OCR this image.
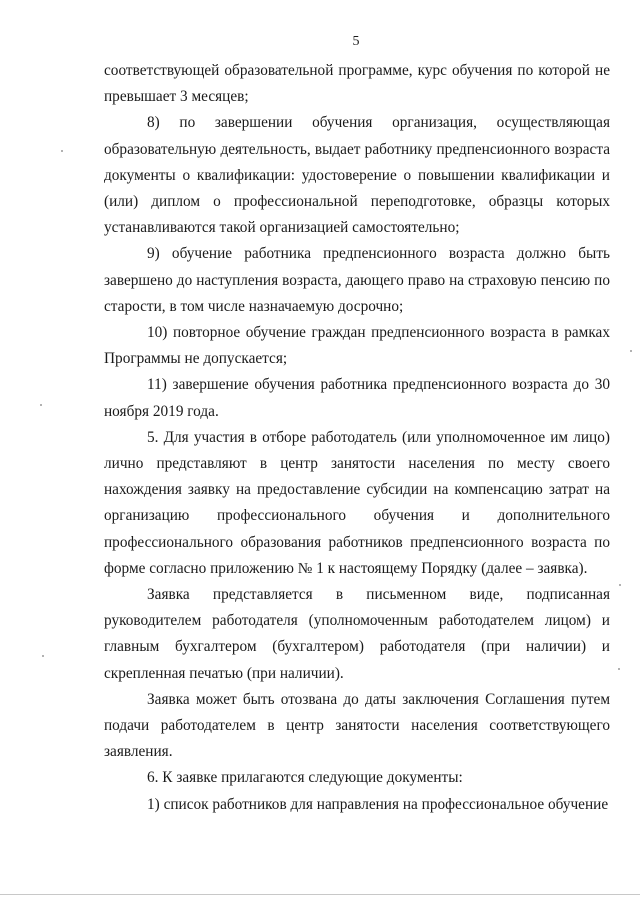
5

соответствующей образовательной программе, курс обучения по которой не превышает 3 месяцев;

8) по завершении обучения организация, осуществляющая образовательную деятельность, выдает работнику предпенсионного возраста документы о квалификации: удостоверение о повышении квалификации и (или) диплом о профессиональной переподготовке, образцы которых устанавливаются такой организацией самостоятельно;

9) обучение работника предпенсионного возраста должно быть завершено до наступления возраста, дающего право на страховую пенсию по старости, в том числе назначаемую досрочно;

10) повторное обучение граждан предпенсионного возраста в рамках Программы не допускается;

11) завершение обучения работника предпенсионного возраста до 30 ноября 2019 года.

5. Для участия в отборе работодатель (или уполномоченное им лицо) лично представляют в центр занятости населения по месту своего нахождения заявку на предоставление субсидии на компенсацию затрат на организацию профессионального обучения и дополнительного профессионального образования работников предпенсионного возраста по форме согласно приложению № 1 к настоящему Порядку (далее – заявка).

Заявка представляется в письменном виде, подписанная руководителем работодателя (уполномоченным работодателем лицом) и главным бухгалтером (бухгалтером) работодателя (при наличии) и скрепленная печатью (при наличии).

Заявка может быть отозвана до даты заключения Соглашения путем подачи работодателем в центр занятости населения соответствующего заявления.

6. К заявке прилагаются следующие документы:

1) список работников для направления на профессиональное обучение
